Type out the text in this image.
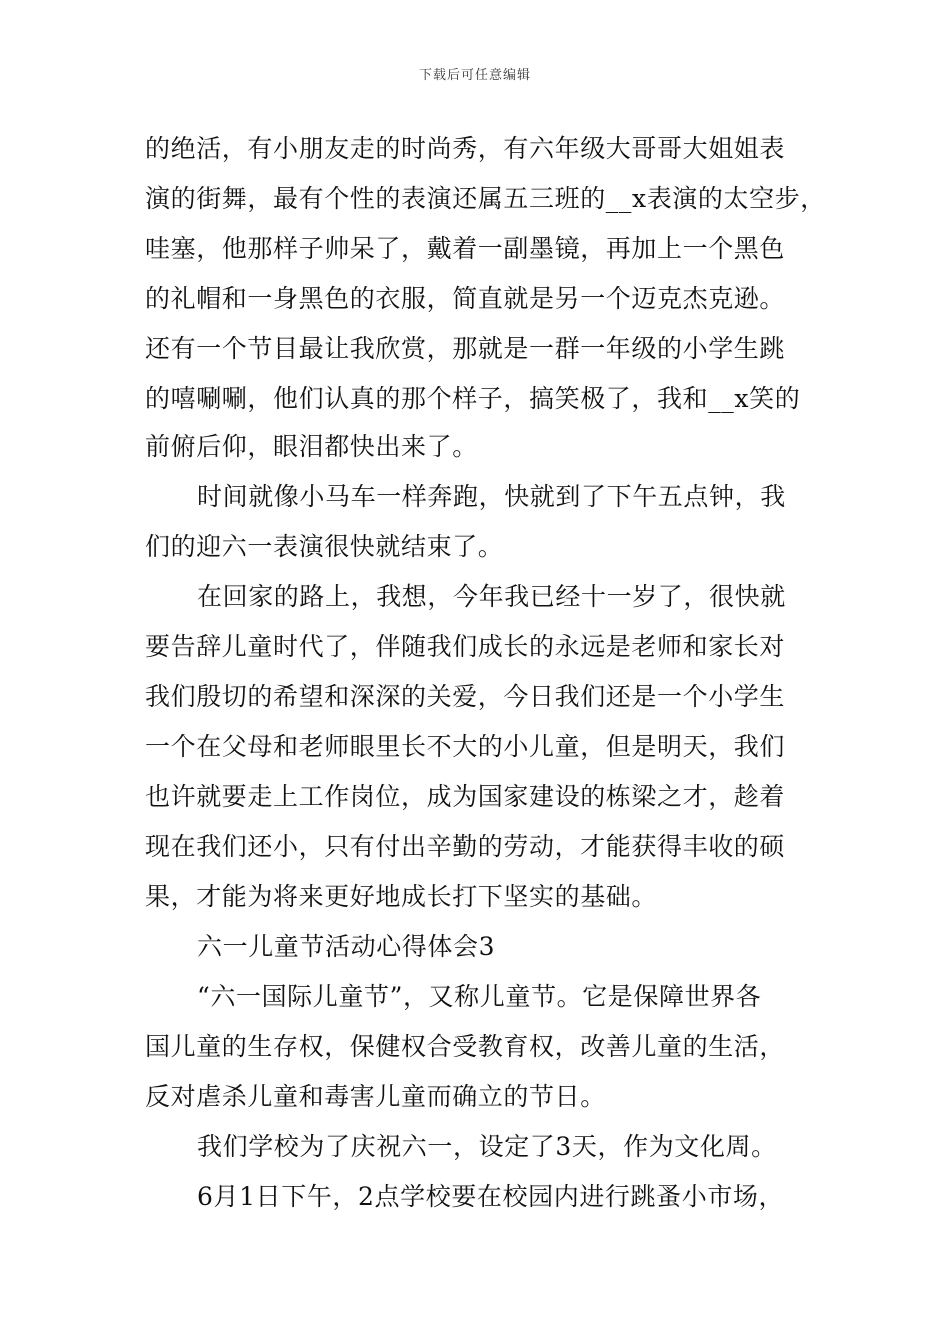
下载后可任意编辑
的绝活，有小朋友走的时尚秀，有六年级大哥哥大姐姐表
演的街舞，最有个性的表演还属五三班的__x表演的太空步，
哇塞，他那样子帅呆了，戴着一副墨镜，再加上一个黑色
的礼帽和一身黑色的衣服，简直就是另一个迈克杰克逊。
还有一个节目最让我欣赏，那就是一群一年级的小学生跳
的嘻唰唰，他们认真的那个样子，搞笑极了，我和__x笑的
前俯后仰，眼泪都快出来了。
时间就像小马车一样奔跑，快就到了下午五点钟，我
们的迎六一表演很快就结束了。
在回家的路上，我想，今年我已经十一岁了，很快就
要告辞儿童时代了，伴随我们成长的永远是老师和家长对
我们殷切的希望和深深的关爱，今日我们还是一个小学生
一个在父母和老师眼里长不大的小儿童，但是明天，我们
也许就要走上工作岗位，成为国家建设的栋梁之才，趁着
现在我们还小，只有付出辛勤的劳动，才能获得丰收的硕
果，才能为将来更好地成长打下坚实的基础。
六一儿童节活动心得体会3
“六一国际儿童节”，又称儿童节。它是保障世界各
国儿童的生存权，保健权合受教育权，改善儿童的生活，
反对虐杀儿童和毒害儿童而确立的节日。
我们学校为了庆祝六一，设定了3天，作为文化周。
6月1日下午，2点学校要在校园内进行跳蚤小市场，
